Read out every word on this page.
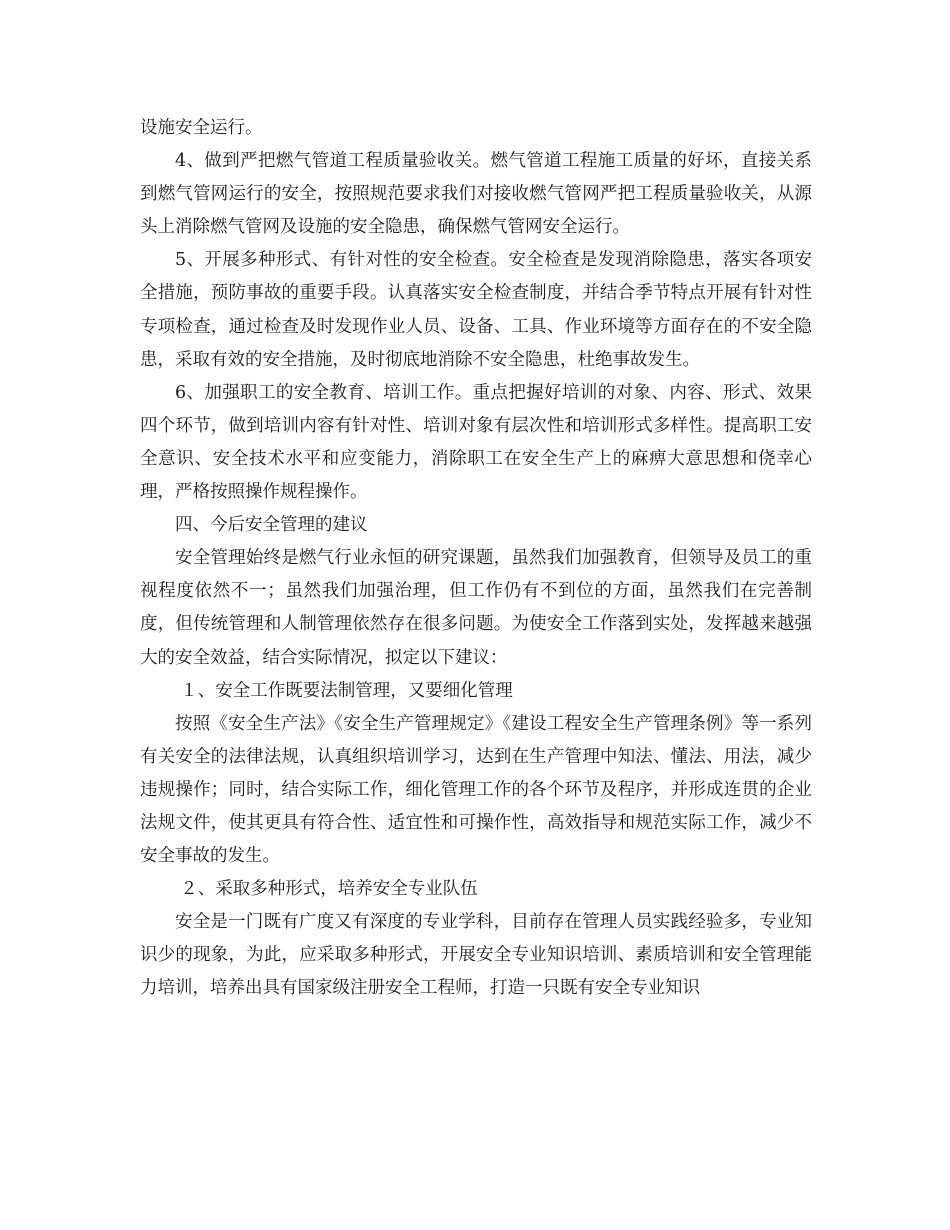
设施安全运行。

4、做到严把燃气管道工程质量验收关。燃气管道工程施工质量的好坏，直接关系到燃气管网运行的安全，按照规范要求我们对接收燃气管网严把工程质量验收关，从源头上消除燃气管网及设施的安全隐患，确保燃气管网安全运行。

5、开展多种形式、有针对性的安全检查。安全检查是发现消除隐患，落实各项安全措施，预防事故的重要手段。认真落实安全检查制度，并结合季节特点开展有针对性专项检查，通过检查及时发现作业人员、设备、工具、作业环境等方面存在的不安全隐患，采取有效的安全措施，及时彻底地消除不安全隐患，杜绝事故发生。

6、加强职工的安全教育、培训工作。重点把握好培训的对象、内容、形式、效果四个环节，做到培训内容有针对性、培训对象有层次性和培训形式多样性。提高职工安全意识、安全技术水平和应变能力，消除职工在安全生产上的麻痹大意思想和侥幸心理，严格按照操作规程操作。

四、今后安全管理的建议

安全管理始终是燃气行业永恒的研究课题，虽然我们加强教育，但领导及员工的重视程度依然不一；虽然我们加强治理，但工作仍有不到位的方面，虽然我们在完善制度，但传统管理和人制管理依然存在很多问题。为使安全工作落到实处，发挥越来越强大的安全效益，结合实际情况，拟定以下建议：

１、安全工作既要法制管理，又要细化管理

按照《安全生产法》《安全生产管理规定》《建设工程安全生产管理条例》等一系列有关安全的法律法规，认真组织培训学习，达到在生产管理中知法、懂法、用法，减少违规操作；同时，结合实际工作，细化管理工作的各个环节及程序，并形成连贯的企业法规文件，使其更具有符合性、适宜性和可操作性，高效指导和规范实际工作，减少不安全事故的发生。

２、采取多种形式，培养安全专业队伍

安全是一门既有广度又有深度的专业学科，目前存在管理人员实践经验多，专业知识少的现象，为此，应采取多种形式，开展安全专业知识培训、素质培训和安全管理能力培训，培养出具有国家级注册安全工程师，打造一只既有安全专业知识
